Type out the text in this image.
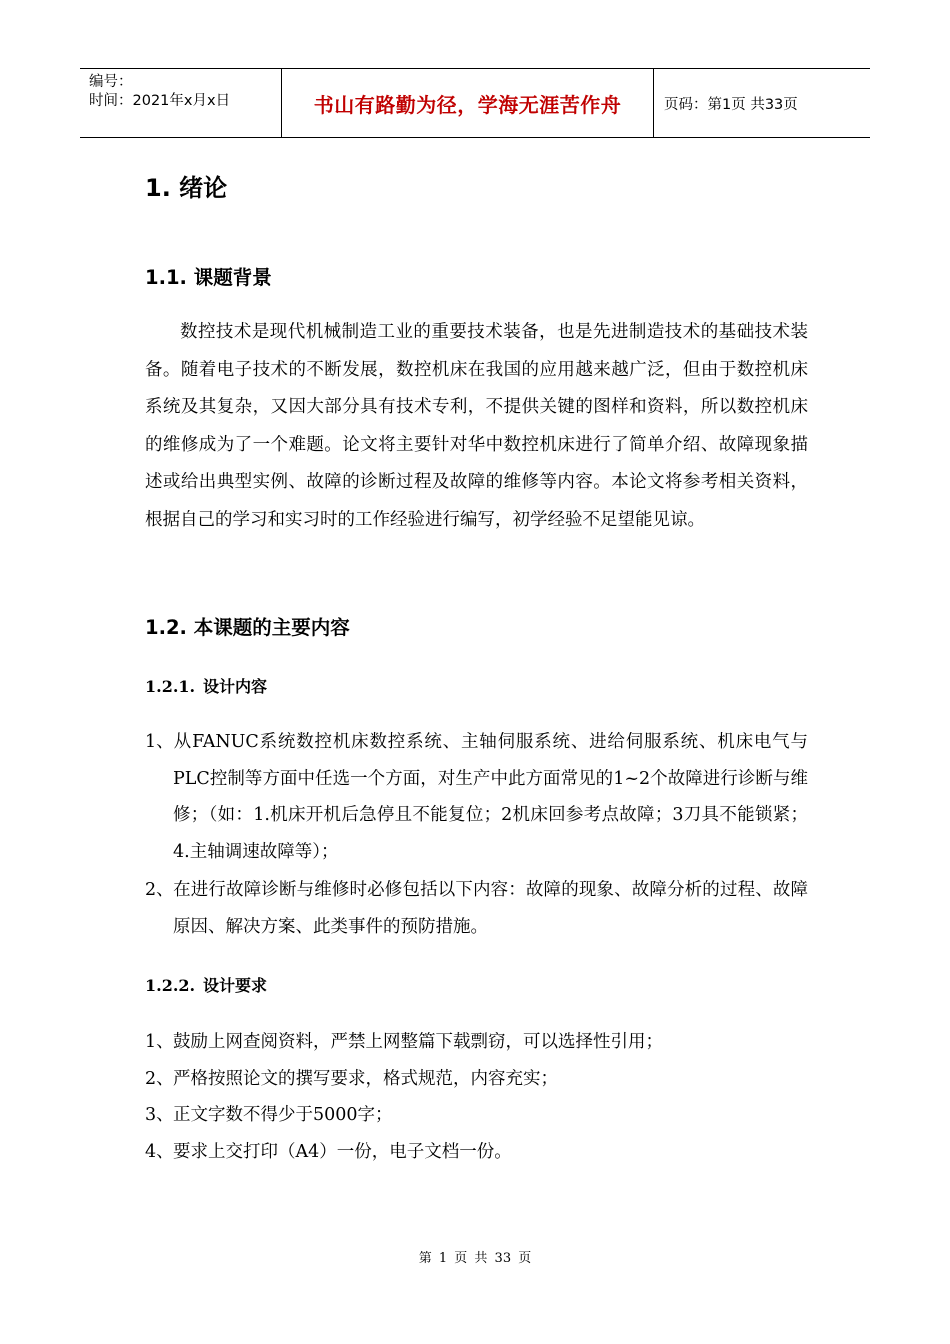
编号：
时间：2021年x月x日	书山有路勤为径，学海无涯苦作舟	页码：第1页 共33页
1. 绪论
1.1. 课题背景

数控技术是现代机械制造工业的重要技术装备，也是先进制造技术的基础技术装备。随着电子技术的不断发展，数控机床在我国的应用越来越广泛，但由于数控机床系统及其复杂，又因大部分具有技术专利，不提供关键的图样和资料，所以数控机床的维修成为了一个难题。论文将主要针对华中数控机床进行了简单介绍、故障现象描述或给出典型实例、故障的诊断过程及故障的维修等内容。本论文将参考相关资料，根据自己的学习和实习时的工作经验进行编写，初学经验不足望能见谅。

1.2. 本课题的主要内容
1.2.1. 设计内容

1、从FANUC系统数控机床数控系统、主轴伺服系统、进给伺服系统、机床电气与PLC控制等方面中任选一个方面，对生产中此方面常见的1~2个故障进行诊断与维修；（如：1.机床开机后急停且不能复位；2机床回参考点故障；3刀具不能锁紧；4.主轴调速故障等）；

2、在进行故障诊断与维修时必修包括以下内容：故障的现象、故障分析的过程、故障原因、解决方案、此类事件的预防措施。

1.2.2. 设计要求

1、鼓励上网查阅资料，严禁上网整篇下载剽窃，可以选择性引用；

2、严格按照论文的撰写要求，格式规范，内容充实；

3、正文字数不得少于5000字；

4、要求上交打印（A4）一份，电子文档一份。

第 1 页 共 33 页
